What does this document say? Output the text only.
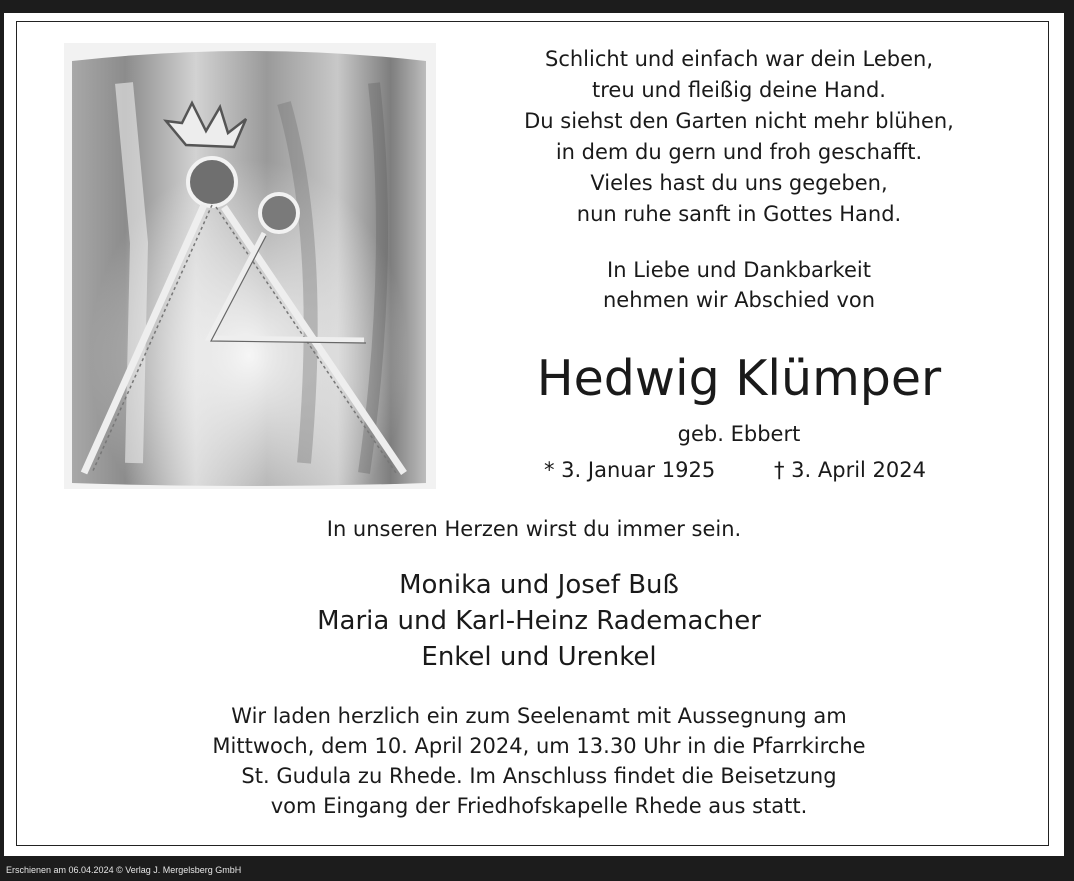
Schlicht und einfach war dein Leben,
treu und fleißig deine Hand.
Du siehst den Garten nicht mehr blühen,
in dem du gern und froh geschafft.
Vieles hast du uns gegeben,
nun ruhe sanft in Gottes Hand.
In Liebe und Dankbarkeit
nehmen wir Abschied von
Hedwig Klümper
geb. Ebbert
* 3. Januar 1925	† 3. April 2024
In unseren Herzen wirst du immer sein.
Monika und Josef Buß
Maria und Karl-Heinz Rademacher
Enkel und Urenkel
Wir laden herzlich ein zum Seelenamt mit Aussegnung am
Mittwoch, dem 10. April 2024, um 13.30 Uhr in die Pfarrkirche
St. Gudula zu Rhede. Im Anschluss findet die Beisetzung
vom Eingang der Friedhofskapelle Rhede aus statt.
Erschienen am 06.04.2024 © Verlag J. Mergelsberg GmbH
